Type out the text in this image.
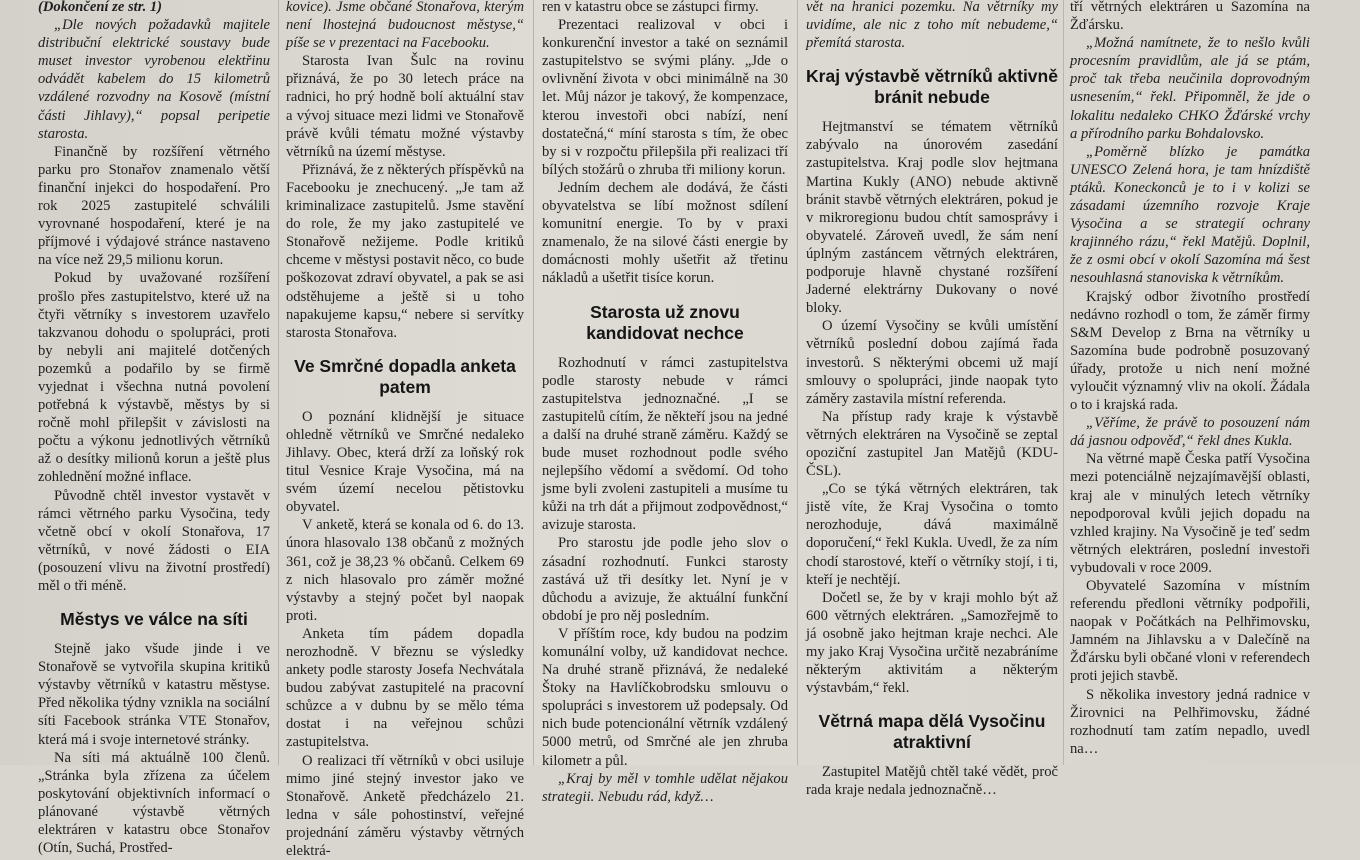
(Dokončení ze str. 1)

„Dle nových požadavků majitele distribuční elektrické soustavy bude muset investor vyrobenou elektřinu odvádět kabelem do 15 kilometrů vzdálené rozvodny na Kosově (místní části Jihlavy),“ popsal peripetie starosta.

Finančně by rozšíření větrného parku pro Stonařov znamenalo větší finanční injekci do hospodaření. Pro rok 2025 zastupitelé schválili vyrovnané hospodaření, které je na příjmové i výdajové stránce nastaveno na více než 29,5 milionu korun.

Pokud by uvažované rozšíření prošlo přes zastupitelstvo, které už na čtyři větrníky s investorem uzavřelo takzvanou dohodu o spolupráci, proti by nebyli ani majitelé dotčených pozemků a podařilo by se firmě vyjednat i všechna nutná povolení potřebná k výstavbě, městys by si ročně mohl přilepšit v závislosti na počtu a výkonu jednotlivých větrníků až o desítky milionů korun a ještě plus zohlednění možné inflace.

Původně chtěl investor vystavět v rámci větrného parku Vysočina, tedy včetně obcí v okolí Stonařova, 17 větrníků, v nové žádosti o EIA (posouzení vlivu na životní prostředí) měl o tři méně.

Městys ve válce na síti

Stejně jako všude jinde i ve Stonařově se vytvořila skupina kritiků výstavby větrníků v katastru městyse. Před několika týdny vznikla na sociální síti Facebook stránka VTE Stonařov, která má i svoje internetové stránky.

Na síti má aktuálně 100 členů. „Stránka byla zřízena za účelem poskytování objektivních informací o plánované výstavbě větrných elektráren v katastru obce Stonařov (Otín, Suchá, Prostřed-

kovice). Jsme občané Stonařova, kterým není lhostejná budoucnost městyse,“ píše se v prezentaci na Facebooku.

Starosta Ivan Šulc na rovinu přiznává, že po 30 letech práce na radnici, ho prý hodně bolí aktuální stav a vývoj situace mezi lidmi ve Stonařově právě kvůli tématu možné výstavby větrníků na území městyse.

Přiznává, že z některých příspěvků na Facebooku je znechucený. „Je tam až kriminalizace zastupitelů. Jsme stavění do role, že my jako zastupitelé ve Stonařově nežijeme. Podle kritiků chceme v městysi postavit něco, co bude poškozovat zdraví obyvatel, a pak se asi odstěhujeme a ještě si u toho napakujeme kapsu,“ nebere si servítky starosta Stonařova.

Ve Smrčné dopadla anketa patem

O poznání klidnější je situace ohledně větrníků ve Smrčné nedaleko Jihlavy. Obec, která drží za loňský rok titul Vesnice Kraje Vysočina, má na svém území necelou pětistovku obyvatel.

V anketě, která se konala od 6. do 13. února hlasovalo 138 občanů z možných 361, což je 38,23 % občanů. Celkem 69 z nich hlasovalo pro záměr možné výstavby a stejný počet byl naopak proti.

Anketa tím pádem dopadla nerozhodně. V březnu se výsledky ankety podle starosty Josefa Nechvátala budou zabývat zastupitelé na pracovní schůzce a v dubnu by se mělo téma dostat i na veřejnou schůzi zastupitelstva.

O realizaci tří větrníků v obci usiluje mimo jiné stejný investor jako ve Stonařově. Anketě předcházelo 21. ledna v sále pohostinství, veřejné projednání záměru výstavby větrných elektrá-

ren v katastru obce se zástupci firmy.

Prezentaci realizoval v obci i konkurenční investor a také on seznámil zastupitelstvo se svými plány. „Jde o ovlivnění života v obci minimálně na 30 let. Můj názor je takový, že kompenzace, kterou investoři obci nabízí, není dostatečná,“ míní starosta s tím, že obec by si v rozpočtu přilepšila při realizaci tří bílých stožárů o zhruba tři miliony korun.

Jedním dechem ale dodává, že části obyvatelstva se líbí možnost sdílení komunitní energie. To by v praxi znamenalo, že na silové části energie by domácnosti mohly ušetřit až třetinu nákladů a ušetřit tisíce korun.

Starosta už znovu kandidovat nechce

Rozhodnutí v rámci zastupitelstva podle starosty nebude v rámci zastupitelstva jednoznačné. „I se zastupitelů cítím, že někteří jsou na jedné a další na druhé straně záměru. Každý se bude muset rozhodnout podle svého nejlepšího vědomí a svědomí. Od toho jsme byli zvoleni zastupiteli a musíme tu kůži na trh dát a přijmout zodpovědnost,“ avizuje starosta.

Pro starostu jde podle jeho slov o zásadní rozhodnutí. Funkci starosty zastává už tři desítky let. Nyní je v důchodu a avizuje, že aktuální funkční období je pro něj posledním.

V příštím roce, kdy budou na podzim komunální volby, už kandidovat nechce. Na druhé straně přiznává, že nedaleké Štoky na Havlíčkobrodsku smlouvu o spolupráci s investorem už podepsaly. Od nich bude potencionální větrník vzdálený 5000 metrů, od Smrčné ale jen zhruba kilometr a půl.

„Kraj by měl v tomhle udělat nějakou strategii. Nebudu rád, když…

vět na hranici pozemku. Na větrníky my uvidíme, ale nic z toho mít nebudeme,“ přemítá starosta.

Kraj výstavbě větrníků aktivně bránit nebude

Hejtmanství se tématem větrníků zabývalo na únorovém zasedání zastupitelstva. Kraj podle slov hejtmana Martina Kukly (ANO) nebude aktivně bránit stavbě větrných elektráren, pokud je v mikroregionu budou chtít samosprávy i obyvatelé. Zároveň uvedl, že sám není úplným zastáncem větrných elektráren, podporuje hlavně chystané rozšíření Jaderné elektrárny Dukovany o nové bloky.

O území Vysočiny se kvůli umístění větrníků poslední dobou zajímá řada investorů. S některými obcemi už mají smlouvy o spolupráci, jinde naopak tyto záměry zastavila místní referenda.

Na přístup rady kraje k výstavbě větrných elektráren na Vysočině se zeptal opoziční zastupitel Jan Matějů (KDU-ČSL).

„Co se týká větrných elektráren, tak jistě víte, že Kraj Vysočina o tomto nerozhoduje, dává maximálně doporučení,“ řekl Kukla. Uvedl, že za ním chodí starostové, kteří o větrníky stojí, i ti, kteří je nechtějí.

Dočetl se, že by v kraji mohlo být až 600 větrných elektráren. „Samozřejmě to já osobně jako hejtman kraje nechci. Ale my jako Kraj Vysočina určitě nezabráníme některým aktivitám a některým výstavbám,“ řekl.

Větrná mapa dělá Vysočinu atraktivní

Zastupitel Matějů chtěl také vědět, proč rada kraje nedala jednoznačně…

tří větrných elektráren u Sazomína na Žďársku.

„Možná namítnete, že to nešlo kvůli procesním pravidlům, ale já se ptám, proč tak třeba neučinila doprovodným usnesením,“ řekl. Připomněl, že jde o lokalitu nedaleko CHKO Žďárské vrchy a přírodního parku Bohdalovsko.

„Poměrně blízko je památka UNESCO Zelená hora, je tam hnízdiště ptáků. Koneckonců je to i v kolizi se zásadami územního rozvoje Kraje Vysočina a se strategií ochrany krajinného rázu,“ řekl Matějů. Doplnil, že z osmi obcí v okolí Sazomína má šest nesouhlasná stanoviska k větrníkům.

Krajský odbor životního prostředí nedávno rozhodl o tom, že záměr firmy S&M Develop z Brna na větrníky u Sazomína bude podrobně posuzovaný úřady, protože u nich není možné vyloučit významný vliv na okolí. Žádala o to i krajská rada.

„Věříme, že právě to posouzení nám dá jasnou odpověď,“ řekl dnes Kukla.

Na větrné mapě Česka patří Vysočina mezi potenciálně nejzajímavější oblasti, kraj ale v minulých letech větrníky nepodporoval kvůli jejich dopadu na vzhled krajiny. Na Vysočině je teď sedm větrných elektráren, poslední investoři vybudovali v roce 2009.

Obyvatelé Sazomína v místním referendu předloni větrníky podpořili, naopak v Počátkách na Pelhřimovsku, Jamném na Jihlavsku a v Dalečíně na Žďársku byli občané vloni v referendech proti jejich stavbě.

S několika investory jedná radnice v Žirovnici na Pelhřimovsku, žádné rozhodnutí tam zatím nepadlo, uvedl na…
